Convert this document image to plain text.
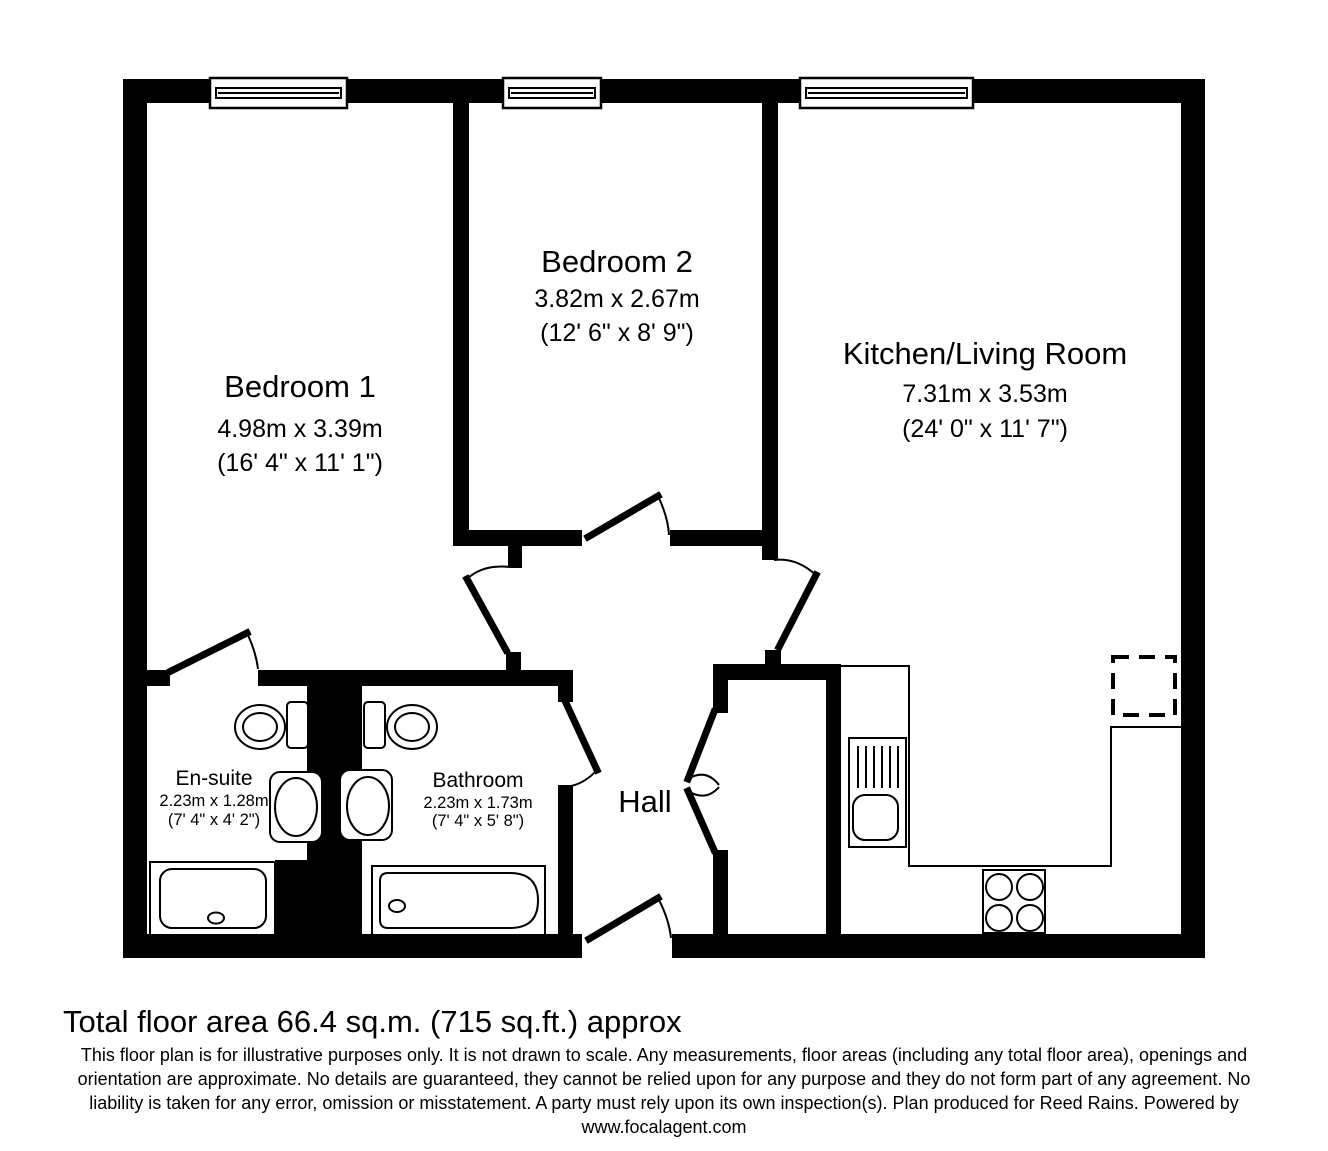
Bedroom 1
4.98m x 3.39m
(16' 4" x 11' 1")
Bedroom 2
3.82m x 2.67m
(12' 6" x 8' 9")
Kitchen/Living Room
7.31m x 3.53m
(24' 0" x 11' 7")
En-suite
2.23m x 1.28m
(7' 4" x 4' 2")
Bathroom
2.23m x 1.73m
(7' 4" x 5' 8")
Hall
Total floor area 66.4 sq.m. (715 sq.ft.) approx
This floor plan is for illustrative purposes only. It is not drawn to scale. Any measurements, floor areas (including any total floor area), openings and
orientation are approximate. No details are guaranteed, they cannot be relied upon for any purpose and they do not form part of any agreement. No
liability is taken for any error, omission or misstatement. A party must rely upon its own inspection(s). Plan produced for Reed Rains. Powered by
www.focalagent.com
